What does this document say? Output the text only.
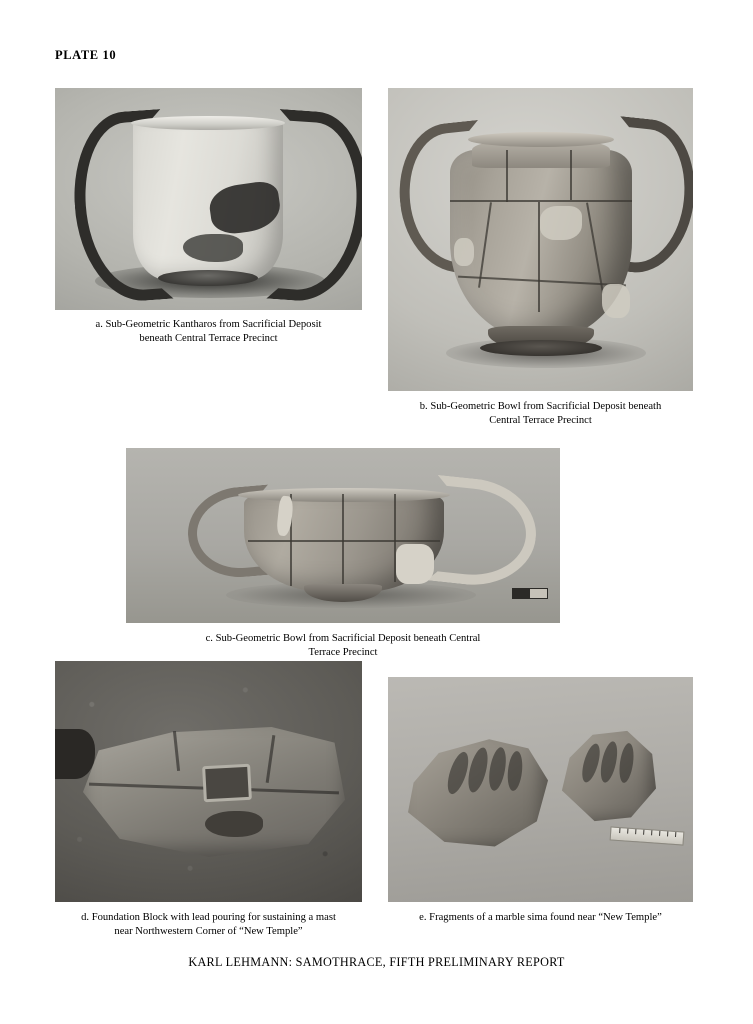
PLATE 10
a. Sub-Geometric Kantharos from Sacrificial Deposit
beneath Central Terrace Precinct
b. Sub-Geometric Bowl from Sacrificial Deposit beneath
Central Terrace Precinct
c. Sub-Geometric Bowl from Sacrificial Deposit beneath Central
Terrace Precinct
d. Foundation Block with lead pouring for sustaining a mast
near Northwestern Corner of “New Temple”
e. Fragments of a marble sima found near “New Temple”
KARL LEHMANN: SAMOTHRACE, FIFTH PRELIMINARY REPORT
